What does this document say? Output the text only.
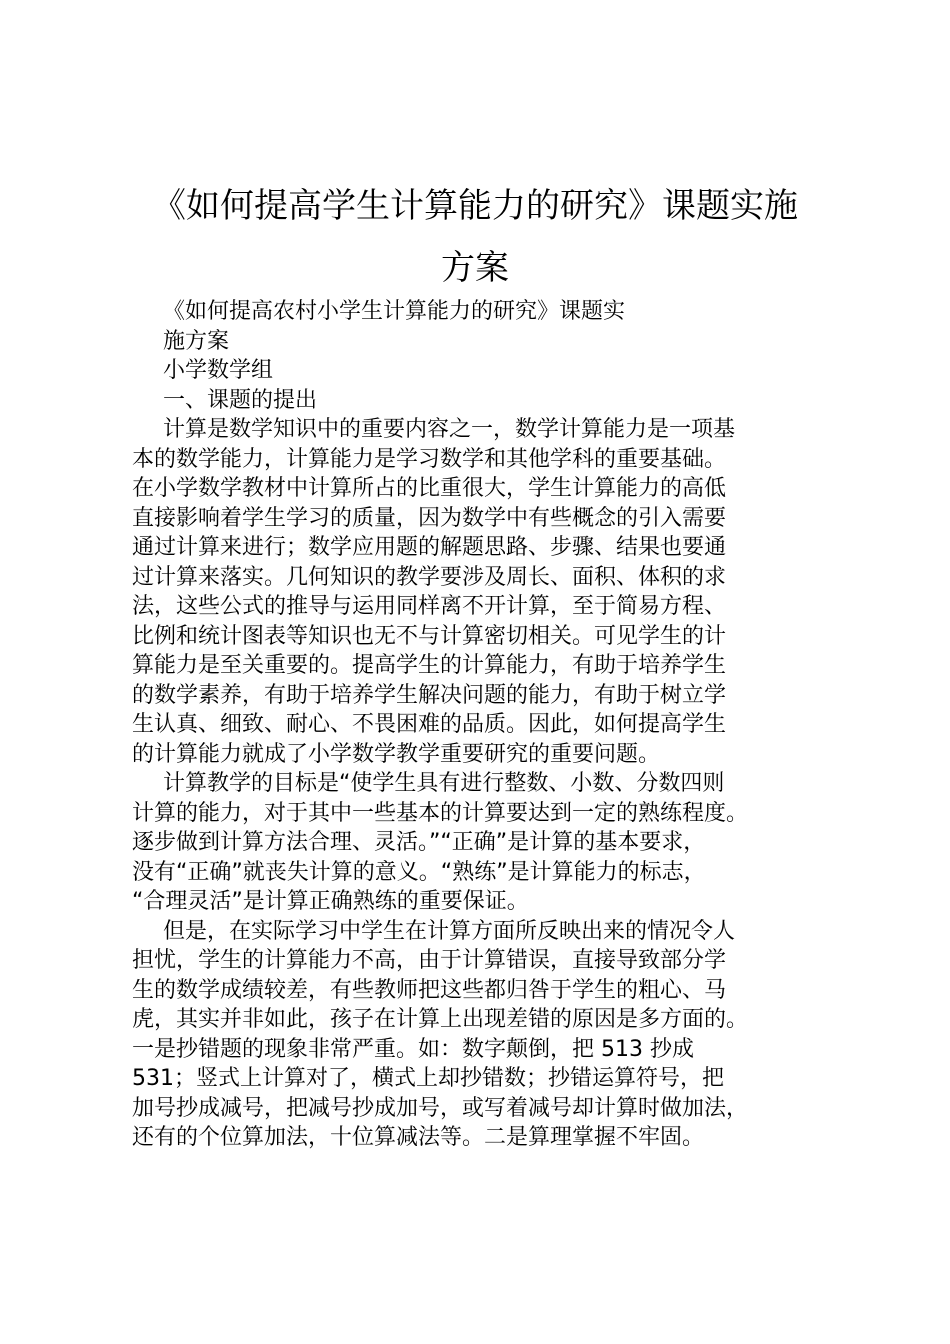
《如何提高学生计算能力的研究》课题实施
方案
《如何提高农村小学生计算能力的研究》课题实
施方案
小学数学组
一、课题的提出
计算是数学知识中的重要内容之一，数学计算能力是一项基
本的数学能力，计算能力是学习数学和其他学科的重要基础。
在小学数学教材中计算所占的比重很大，学生计算能力的高低
直接影响着学生学习的质量，因为数学中有些概念的引入需要
通过计算来进行；数学应用题的解题思路、步骤、结果也要通
过计算来落实。几何知识的教学要涉及周长、面积、体积的求
法，这些公式的推导与运用同样离不开计算，至于简易方程、
比例和统计图表等知识也无不与计算密切相关。可见学生的计
算能力是至关重要的。提高学生的计算能力，有助于培养学生
的数学素养，有助于培养学生解决问题的能力，有助于树立学
生认真、细致、耐心、不畏困难的品质。因此，如何提高学生
的计算能力就成了小学数学教学重要研究的重要问题。
计算教学的目标是“使学生具有进行整数、小数、分数四则
计算的能力，对于其中一些基本的计算要达到一定的熟练程度。
逐步做到计算方法合理、灵活。”“正确”是计算的基本要求，
没有“正确”就丧失计算的意义。“熟练”是计算能力的标志，
“合理灵活”是计算正确熟练的重要保证。
但是，在实际学习中学生在计算方面所反映出来的情况令人
担忧，学生的计算能力不高，由于计算错误，直接导致部分学
生的数学成绩较差，有些教师把这些都归咎于学生的粗心、马
虎，其实并非如此，孩子在计算上出现差错的原因是多方面的。
一是抄错题的现象非常严重。如：数字颠倒，把 513 抄成
531；竖式上计算对了，横式上却抄错数；抄错运算符号，把
加号抄成减号，把减号抄成加号，或写着减号却计算时做加法，
还有的个位算加法，十位算减法等。二是算理掌握不牢固。
